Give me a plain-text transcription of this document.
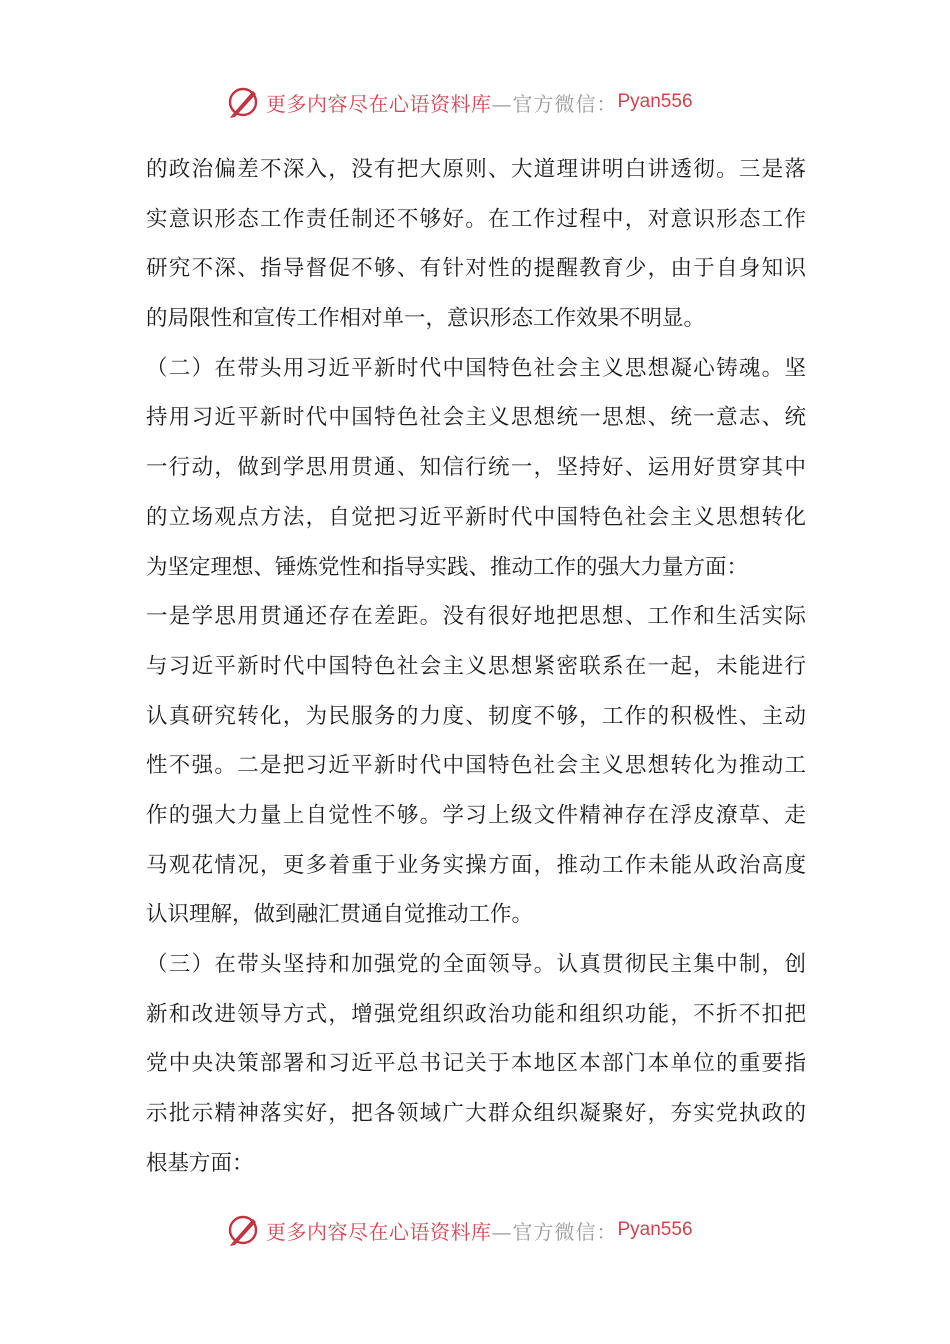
更多内容尽在心语资料库 —官方微信： Pyan556
的政治偏差不深入，没有把大原则、大道理讲明白讲透彻。三是落
实意识形态工作责任制还不够好。在工作过程中，对意识形态工作
研究不深、指导督促不够、有针对性的提醒教育少，由于自身知识
的局限性和宣传工作相对单一，意识形态工作效果不明显。
（二）在带头用习近平新时代中国特色社会主义思想凝心铸魂。坚
持用习近平新时代中国特色社会主义思想统一思想、统一意志、统
一行动，做到学思用贯通、知信行统一，坚持好、运用好贯穿其中
的立场观点方法，自觉把习近平新时代中国特色社会主义思想转化
为坚定理想、锤炼党性和指导实践、推动工作的强大力量方面：
一是学思用贯通还存在差距。没有很好地把思想、工作和生活实际
与习近平新时代中国特色社会主义思想紧密联系在一起，未能进行
认真研究转化，为民服务的力度、韧度不够，工作的积极性、主动
性不强。二是把习近平新时代中国特色社会主义思想转化为推动工
作的强大力量上自觉性不够。学习上级文件精神存在浮皮潦草、走
马观花情况，更多着重于业务实操方面，推动工作未能从政治高度
认识理解，做到融汇贯通自觉推动工作。
（三）在带头坚持和加强党的全面领导。认真贯彻民主集中制，创
新和改进领导方式，增强党组织政治功能和组织功能，不折不扣把
党中央决策部署和习近平总书记关于本地区本部门本单位的重要指
示批示精神落实好，把各领域广大群众组织凝聚好，夯实党执政的
根基方面：
更多内容尽在心语资料库 —官方微信： Pyan556
